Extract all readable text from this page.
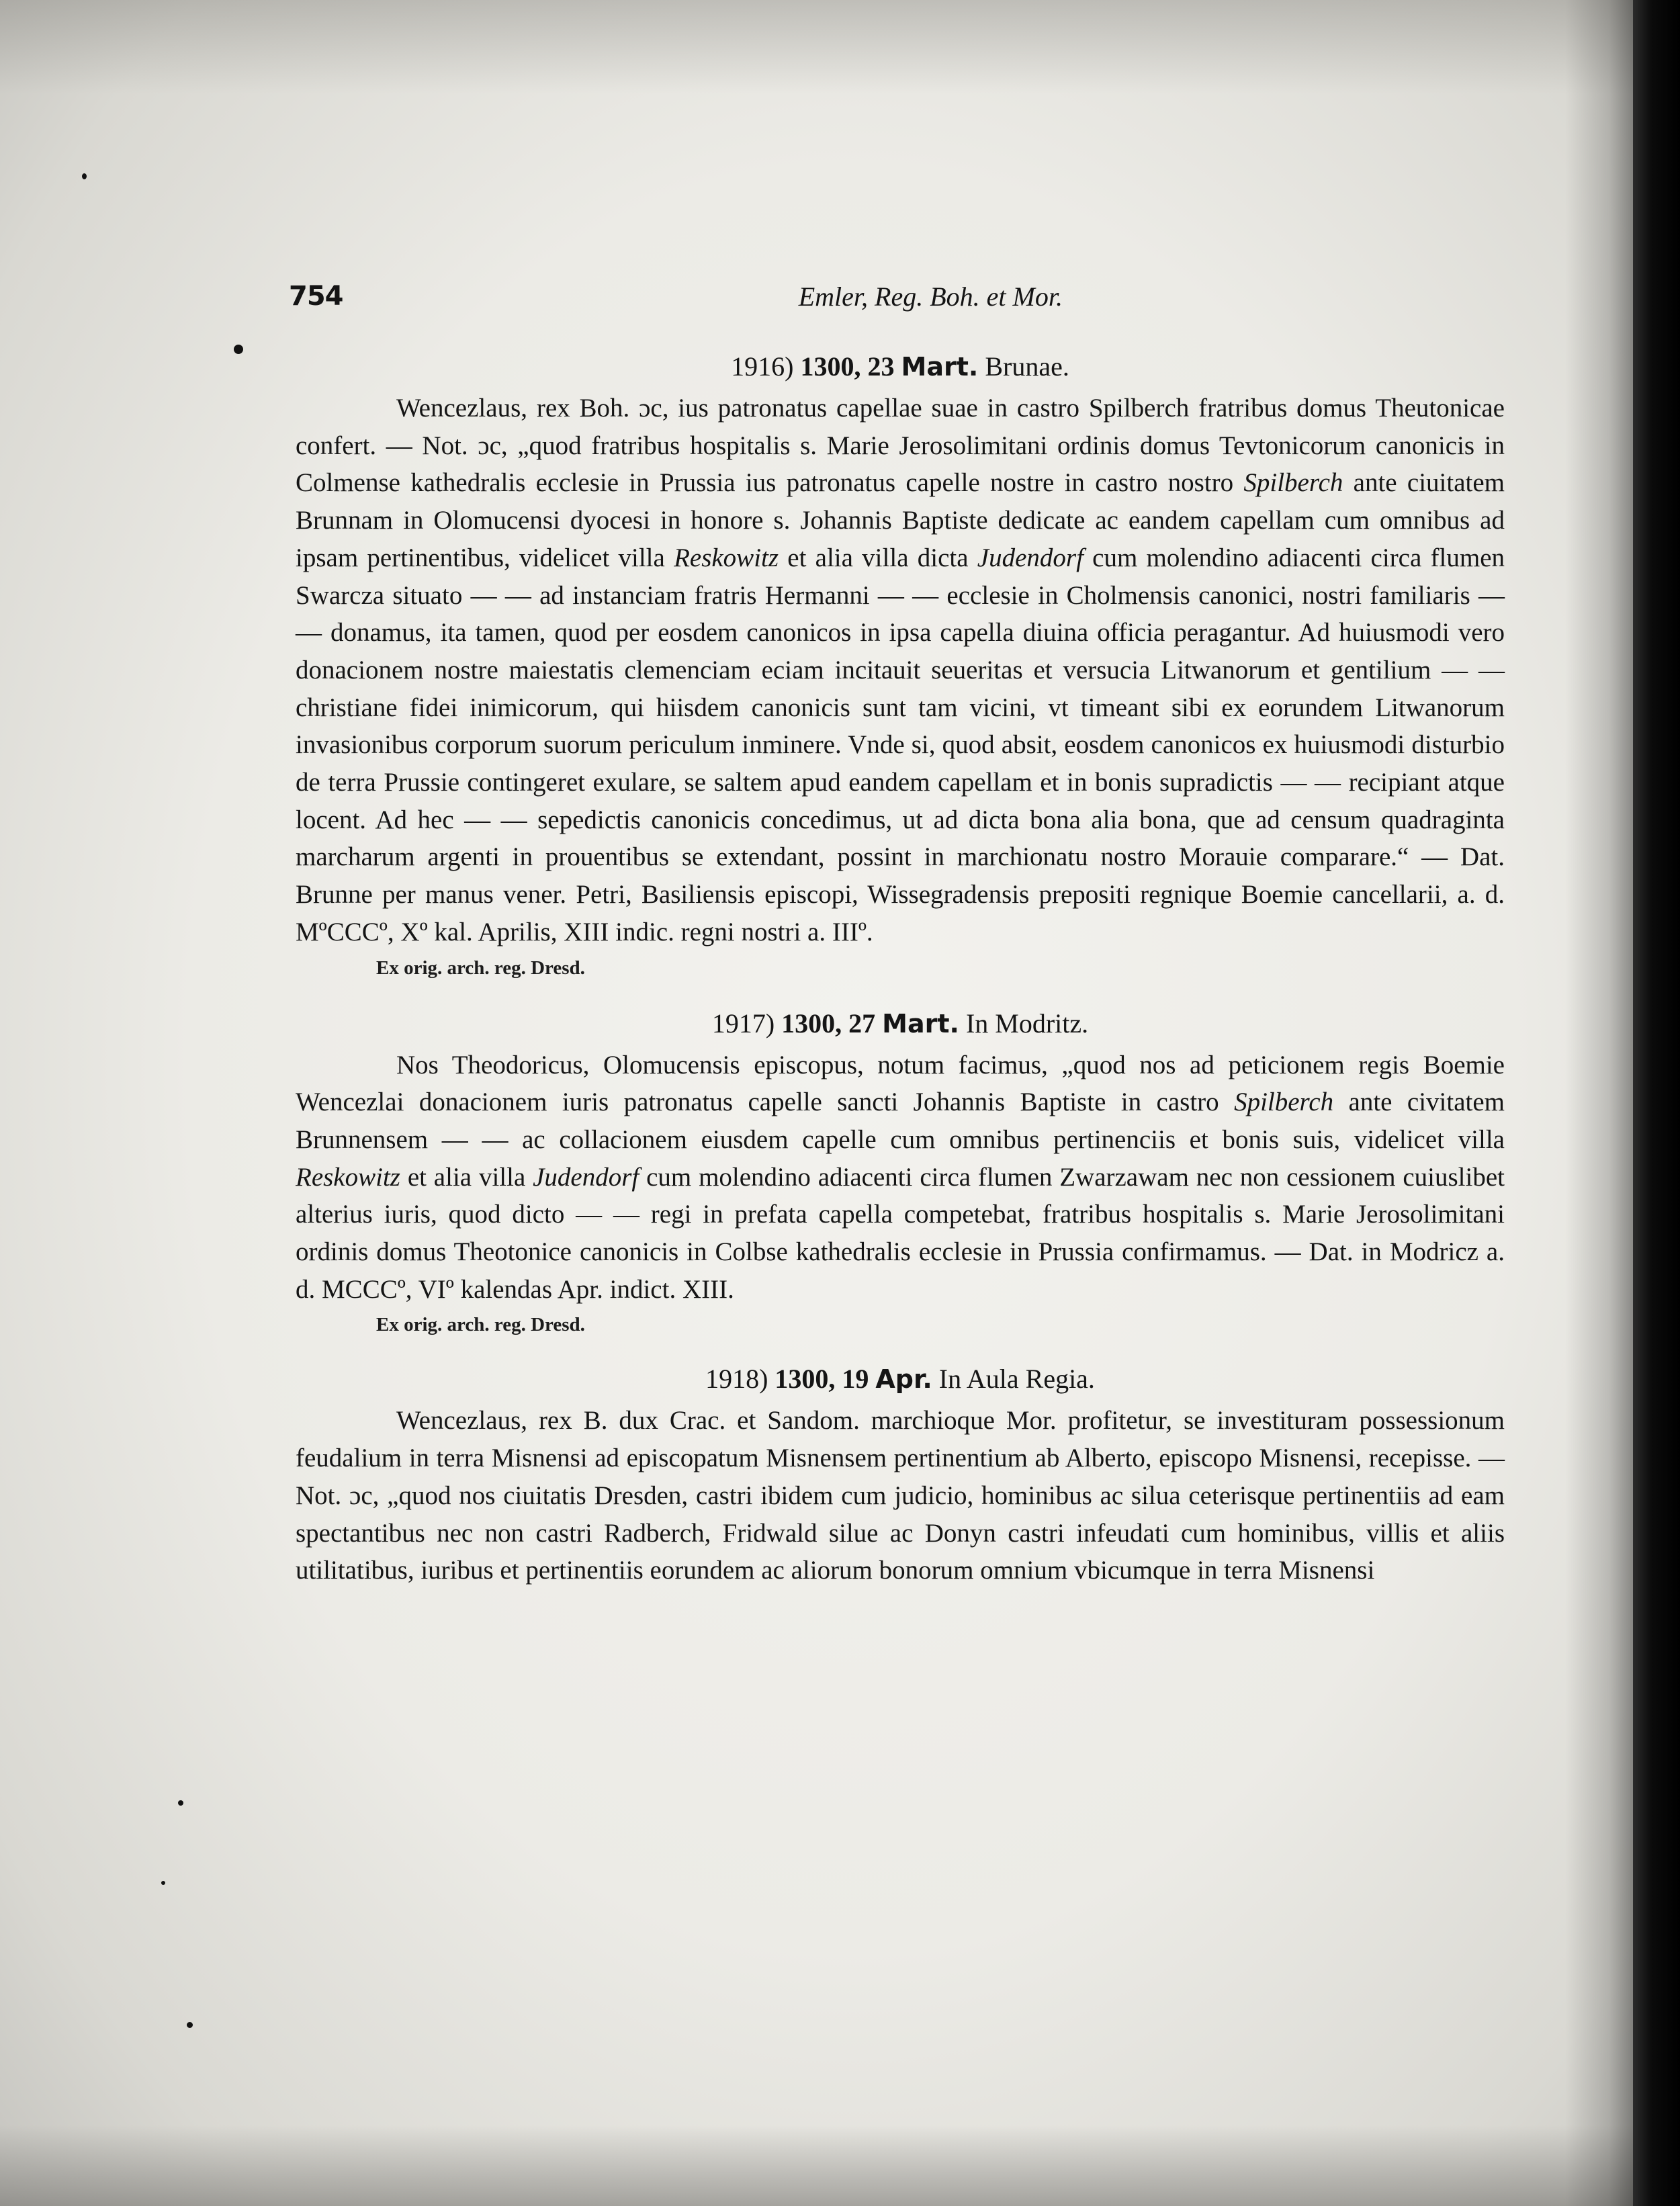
754	Emler, Reg. Boh. et Mor.
1916) 1300, 23 Mart. Brunae.

Wencezlaus, rex Boh. ɔc, ius patronatus capellae suae in castro Spilberch fratribus domus Theutonicae confert. — Not. ɔc, „quod fratribus hospitalis s. Marie Jerosolimitani ordinis domus Tevtonicorum canonicis in Colmense kathedralis ecclesie in Prussia ius patronatus capelle nostre in castro nostro Spilberch ante ciuitatem Brunnam in Olomucensi dyocesi in honore s. Johannis Baptiste dedicate ac eandem capellam cum omnibus ad ipsam pertinentibus, videlicet villa Reskowitz et alia villa dicta Judendorf cum molendino adiacenti circa flumen Swarcza situato — — ad instanciam fratris Hermanni — — ecclesie in Cholmensis canonici, nostri familiaris — — donamus, ita tamen, quod per eosdem canonicos in ipsa capella diuina officia peragantur. Ad huiusmodi vero donacionem nostre maiestatis clemenciam eciam incitauit seueritas et versucia Litwanorum et gentilium — — christiane fidei inimicorum, qui hiisdem canonicis sunt tam vicini, vt timeant sibi ex eorundem Litwanorum invasionibus corporum suorum periculum inminere. Vnde si, quod absit, eosdem canonicos ex huiusmodi disturbio de terra Prussie contingeret exulare, se saltem apud eandem capellam et in bonis supradictis — — recipiant atque locent. Ad hec — — sepedictis canonicis concedimus, ut ad dicta bona alia bona, que ad censum quadraginta marcharum argenti in prouentibus se extendant, possint in marchionatu nostro Morauie comparare.“ — Dat. Brunne per manus vener. Petri, Basiliensis episcopi, Wissegradensis prepositi regnique Boemie cancellarii, a. d. MºCCCº, Xº kal. Aprilis, XIII indic. regni nostri a. IIIº.

Ex orig. arch. reg. Dresd.
1917) 1300, 27 Mart. In Modritz.

Nos Theodoricus, Olomucensis episcopus, notum facimus, „quod nos ad peticionem regis Boemie Wencezlai donacionem iuris patronatus capelle sancti Johannis Baptiste in castro Spilberch ante civitatem Brunnensem — — ac collacionem eiusdem capelle cum omnibus pertinenciis et bonis suis, videlicet villa Reskowitz et alia villa Judendorf cum molendino adiacenti circa flumen Zwarzawam nec non cessionem cuiuslibet alterius iuris, quod dicto — — regi in prefata capella competebat, fratribus hospitalis s. Marie Jerosolimitani ordinis domus Theotonice canonicis in Colbse kathedralis ecclesie in Prussia confirmamus. — Dat. in Modricz a. d. MCCCº, VIº kalendas Apr. indict. XIII.

Ex orig. arch. reg. Dresd.
1918) 1300, 19 Apr. In Aula Regia.

Wencezlaus, rex B. dux Crac. et Sandom. marchioque Mor. profitetur, se investituram possessionum feudalium in terra Misnensi ad episcopatum Misnensem pertinentium ab Alberto, episcopo Misnensi, recepisse. — Not. ɔc, „quod nos ciuitatis Dresden, castri ibidem cum judicio, hominibus ac silua ceterisque pertinentiis ad eam spectantibus nec non castri Radberch, Fridwald silue ac Donyn castri infeudati cum hominibus, villis et aliis utilitatibus, iuribus et pertinentiis eorundem ac aliorum bonorum omnium vbicumque in terra Misnensi
